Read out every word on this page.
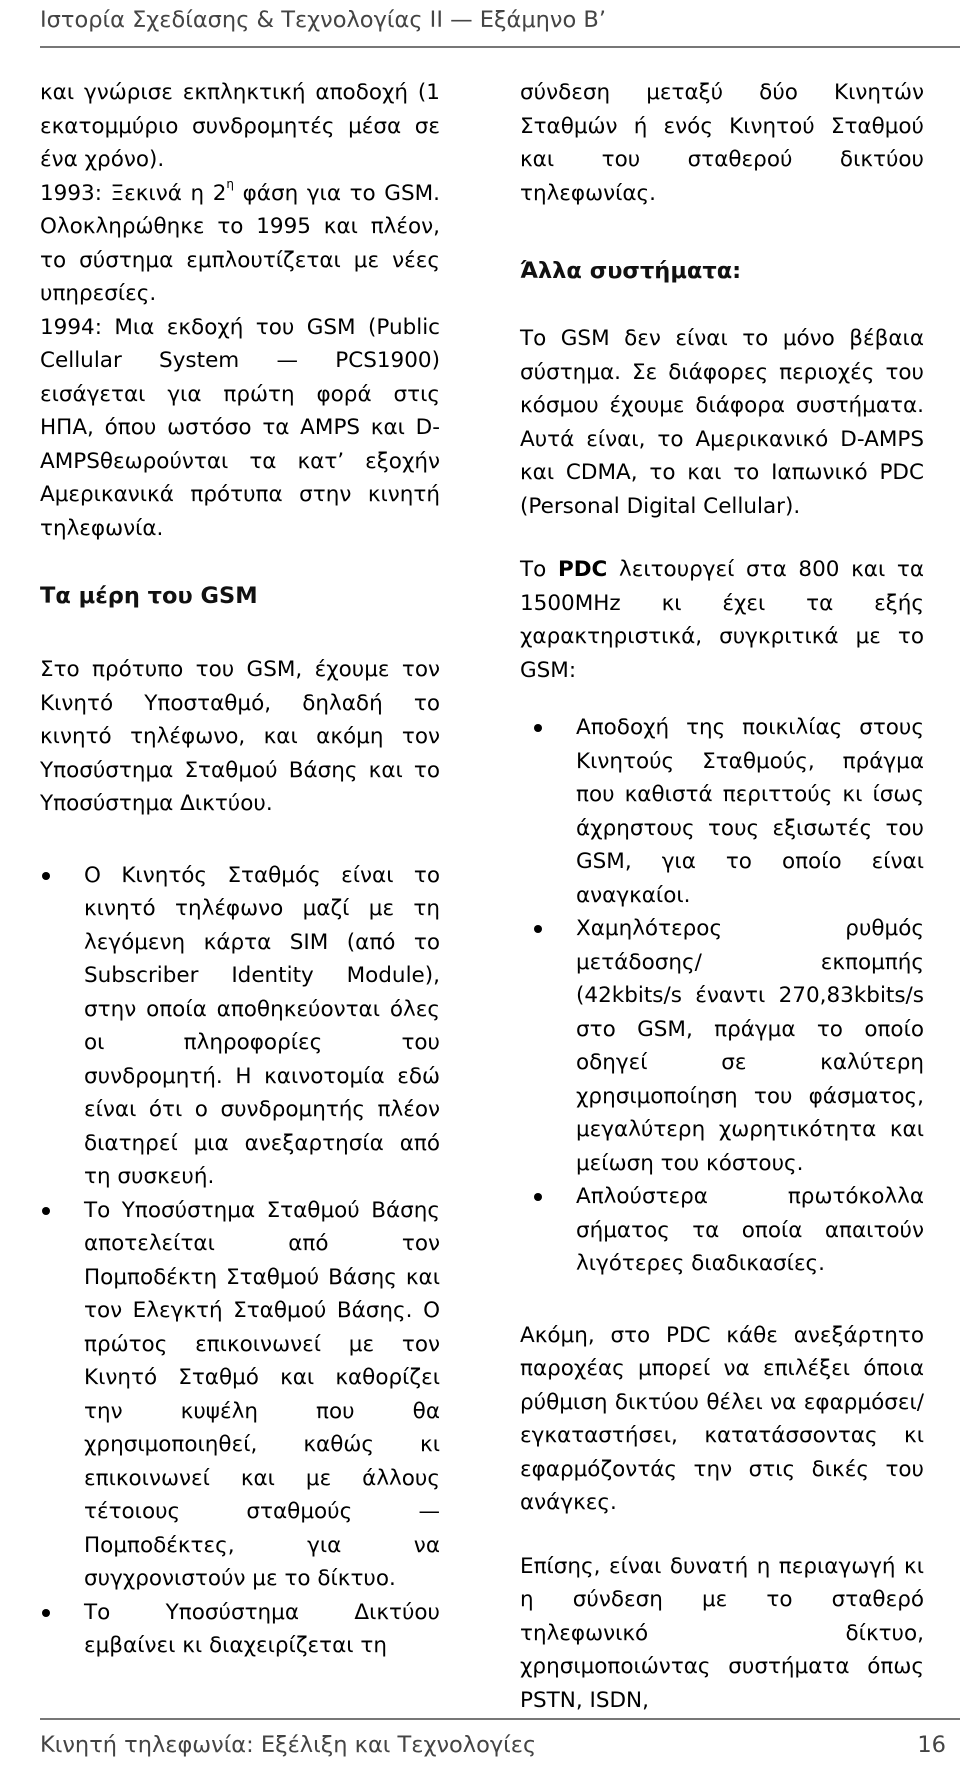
Ιστορία Σχεδίασης & Τεχνολογίας ΙΙ — Εξάμηνο Β’

και γνώρισε εκπληκτική αποδοχή (1 εκατομμύριο συνδρομητές μέσα σε ένα χρόνο).

1993: Ξεκινά η $2^\eta$ φάση για το GSM. Ολοκληρώθηκε το 1995 και πλέον, το σύστημα εμπλουτίζεται με νέες υπηρεσίες.

1994: Μια εκδοχή του GSM (Public Cellular System — PCS1900) εισάγεται για πρώτη φορά στις ΗΠΑ, όπου ωστόσο τα AMPS και D-AMPSθεωρούνται τα κατ’ εξοχήν Αμερικανικά πρότυπα στην κινητή τηλεφωνία.

Τα μέρη του GSM

Στο πρότυπο του GSM, έχουμε τον Κινητό Υποσταθμό, δηλαδή το κινητό τηλέφωνο, και ακόμη τον Υποσύστημα Σταθμού Βάσης και το Υποσύστημα Δικτύου.

Ο Κινητός Σταθμός είναι το κινητό τηλέφωνο μαζί με τη λεγόμενη κάρτα SIM (από το Subscriber Identity Module), στην οποία αποθηκεύονται όλες οι πληροφορίες του συνδρομητή. Η καινοτομία εδώ είναι ότι ο συνδρομητής πλέον διατηρεί μια ανεξαρτησία από τη συσκευή.
Το Υποσύστημα Σταθμού Βάσης αποτελείται από τον Πομποδέκτη Σταθμού Βάσης και τον Ελεγκτή Σταθμού Βάσης. Ο πρώτος επικοινωνεί με τον Κινητό Σταθμό και καθορίζει την κυψέλη που θα χρησιμοποιηθεί, καθώς κι επικοινωνεί και με άλλους τέτοιους σταθμούς — Πομποδέκτες, για να συγχρονιστούν με το δίκτυο.
Το Υποσύστημα Δικτύου εμβαίνει κι διαχειρίζεται τη

σύνδεση μεταξύ δύο Κινητών Σταθμών ή ενός Κινητού Σταθμού και του σταθερού δικτύου τηλεφωνίας.

Άλλα συστήματα:

Το GSM δεν είναι το μόνο βέβαια σύστημα. Σε διάφορες περιοχές του κόσμου έχουμε διάφορα συστήματα. Αυτά είναι, το Αμερικανικό D-AMPS και CDMA, το και το Ιαπωνικό PDC (Personal Digital Cellular).

Το PDC λειτουργεί στα 800 και τα 1500MHz κι έχει τα εξής χαρακτηριστικά, συγκριτικά με το GSM:

Αποδοχή της ποικιλίας στους Κινητούς Σταθμούς, πράγμα που καθιστά περιττούς κι ίσως άχρηστους τους εξισωτές του GSM, για το οποίο είναι αναγκαίοι.
Χαμηλότερος ρυθμός μετάδοσης/ εκπομπής (42kbits/s έναντι 270,83kbits/s στο GSM, πράγμα το οποίο οδηγεί σε καλύτερη χρησιμοποίηση του φάσματος, μεγαλύτερη χωρητικότητα και μείωση του κόστους.
Απλούστερα πρωτόκολλα σήματος τα οποία απαιτούν λιγότερες διαδικασίες.

Ακόμη, στο PDC κάθε ανεξάρτητο παροχέας μπορεί να επιλέξει όποια ρύθμιση δικτύου θέλει να εφαρμόσει/ εγκαταστήσει, κατατάσσοντας κι εφαρμόζοντάς την στις δικές του ανάγκες.

Επίσης, είναι δυνατή η περιαγωγή κι η σύνδεση με το σταθερό τηλεφωνικό δίκτυο, χρησιμοποιώντας συστήματα όπως PSTN, ISDN,

Κινητή τηλεφωνία: Εξέλιξη και Τεχνολογίες	16
